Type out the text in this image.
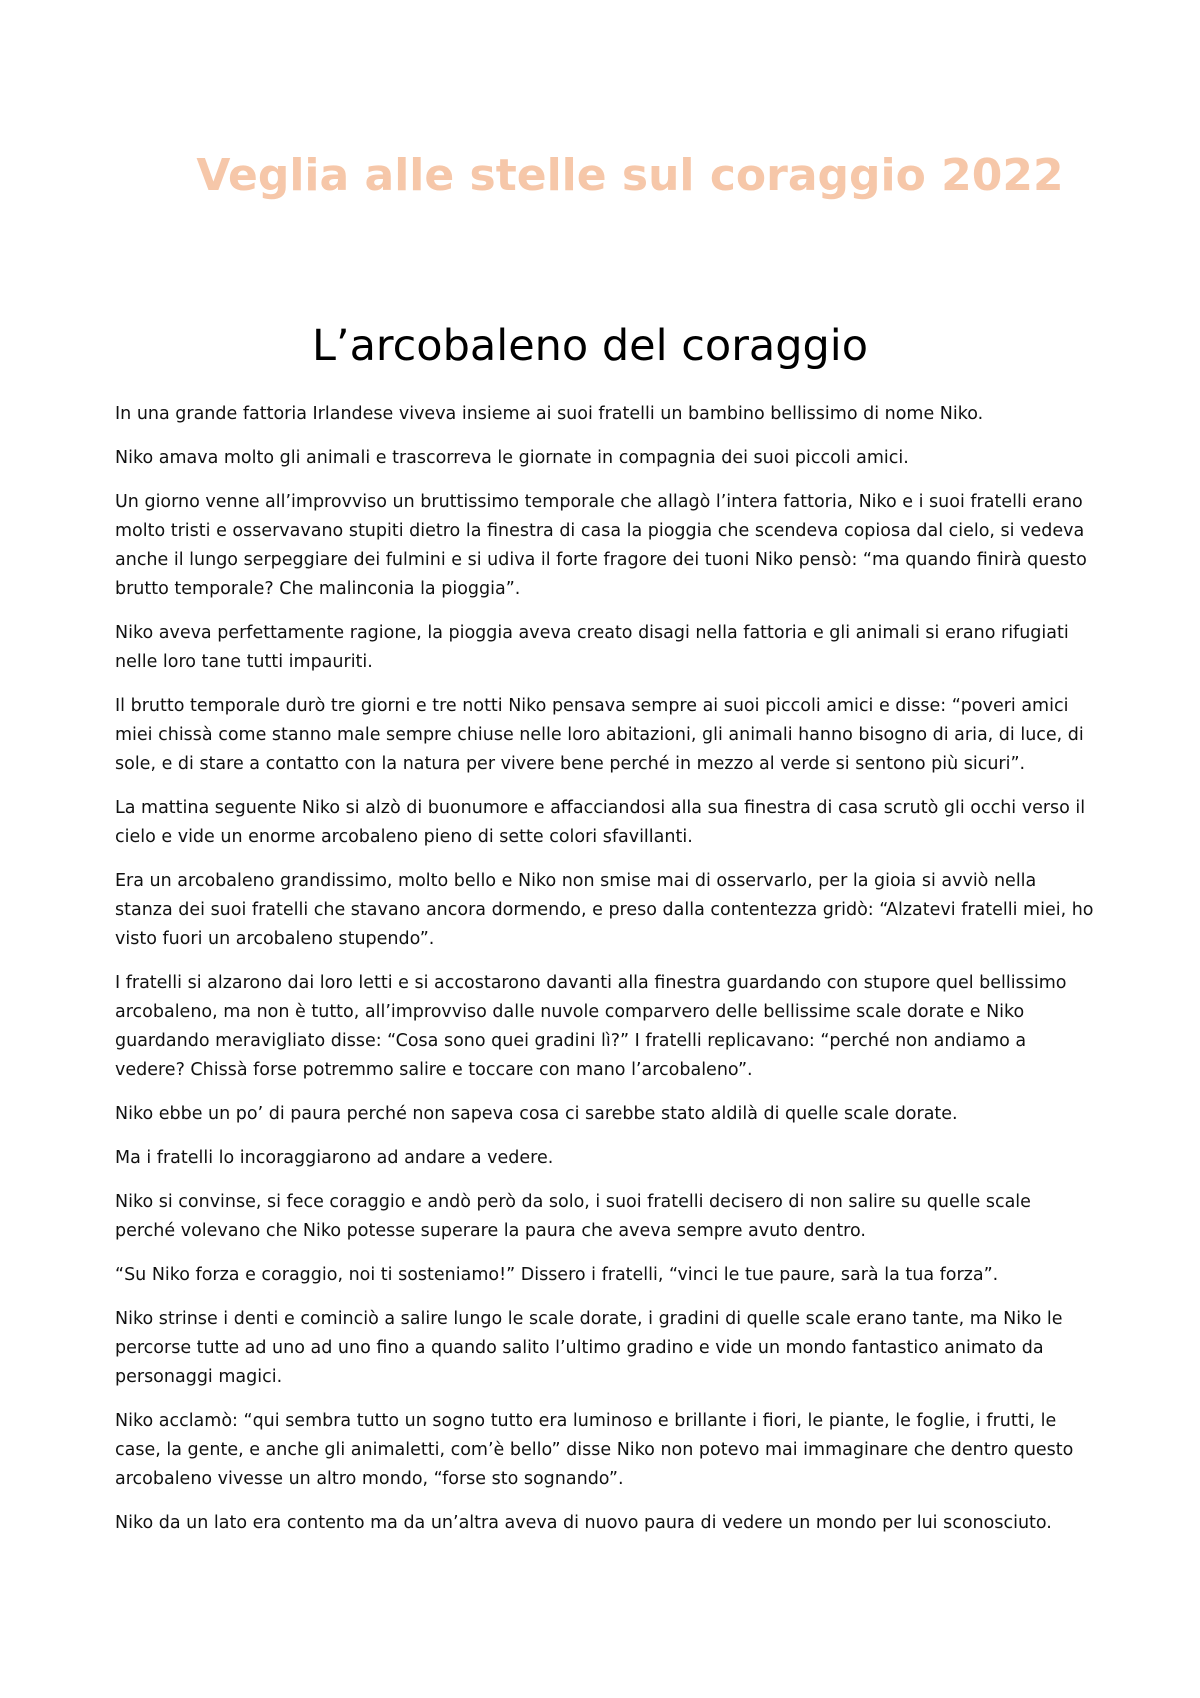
Veglia alle stelle sul coraggio 2022
L’arcobaleno del coraggio

In una grande fattoria Irlandese viveva insieme ai suoi fratelli un bambino bellissimo di nome Niko.

Niko amava molto gli animali e trascorreva le giornate in compagnia dei suoi piccoli amici.

Un giorno venne all’improvviso un bruttissimo temporale che allagò l’intera fattoria, Niko e i suoi fratelli erano molto tristi e osservavano stupiti dietro la finestra di casa la pioggia che scendeva copiosa dal cielo, si vedeva anche il lungo serpeggiare dei fulmini e si udiva il forte fragore dei tuoni Niko pensò: “ma quando finirà questo brutto temporale? Che malinconia la pioggia”.

Niko aveva perfettamente ragione, la pioggia aveva creato disagi nella fattoria e gli animali si erano rifugiati nelle loro tane tutti impauriti.

Il brutto temporale durò tre giorni e tre notti Niko pensava sempre ai suoi piccoli amici e disse: “poveri amici miei chissà come stanno male sempre chiuse nelle loro abitazioni, gli animali hanno bisogno di aria, di luce, di sole, e di stare a contatto con la natura per vivere bene perché in mezzo al verde si sentono più sicuri”.

La mattina seguente Niko si alzò di buonumore e affacciandosi alla sua finestra di casa scrutò gli occhi verso il cielo e vide un enorme arcobaleno pieno di sette colori sfavillanti.

Era un arcobaleno grandissimo, molto bello e Niko non smise mai di osservarlo, per la gioia si avviò nella stanza dei suoi fratelli che stavano ancora dormendo, e preso dalla contentezza gridò: “Alzatevi fratelli miei, ho visto fuori un arcobaleno stupendo”.

I fratelli si alzarono dai loro letti e si accostarono davanti alla finestra guardando con stupore quel bellissimo arcobaleno, ma non è tutto, all’improvviso dalle nuvole comparvero delle bellissime scale dorate e Niko guardando meravigliato disse: “Cosa sono quei gradini lì?” I fratelli replicavano: “perché non andiamo a vedere? Chissà forse potremmo salire e toccare con mano l’arcobaleno”.

Niko ebbe un po’ di paura perché non sapeva cosa ci sarebbe stato aldilà di quelle scale dorate.

Ma i fratelli lo incoraggiarono ad andare a vedere.

Niko si convinse, si fece coraggio e andò però da solo, i suoi fratelli decisero di non salire su quelle scale perché volevano che Niko potesse superare la paura che aveva sempre avuto dentro.

“Su Niko forza e coraggio, noi ti sosteniamo!” Dissero i fratelli, “vinci le tue paure, sarà la tua forza”.

Niko strinse i denti e cominciò a salire lungo le scale dorate, i gradini di quelle scale erano tante, ma Niko le percorse tutte ad uno ad uno fino a quando salito l’ultimo gradino e vide un mondo fantastico animato da personaggi magici.

Niko acclamò: “qui sembra tutto un sogno tutto era luminoso e brillante i fiori, le piante, le foglie, i frutti, le case, la gente, e anche gli animaletti, com’è bello” disse Niko non potevo mai immaginare che dentro questo arcobaleno vivesse un altro mondo, “forse sto sognando”.

Niko da un lato era contento ma da un’altra aveva di nuovo paura di vedere un mondo per lui sconosciuto.
